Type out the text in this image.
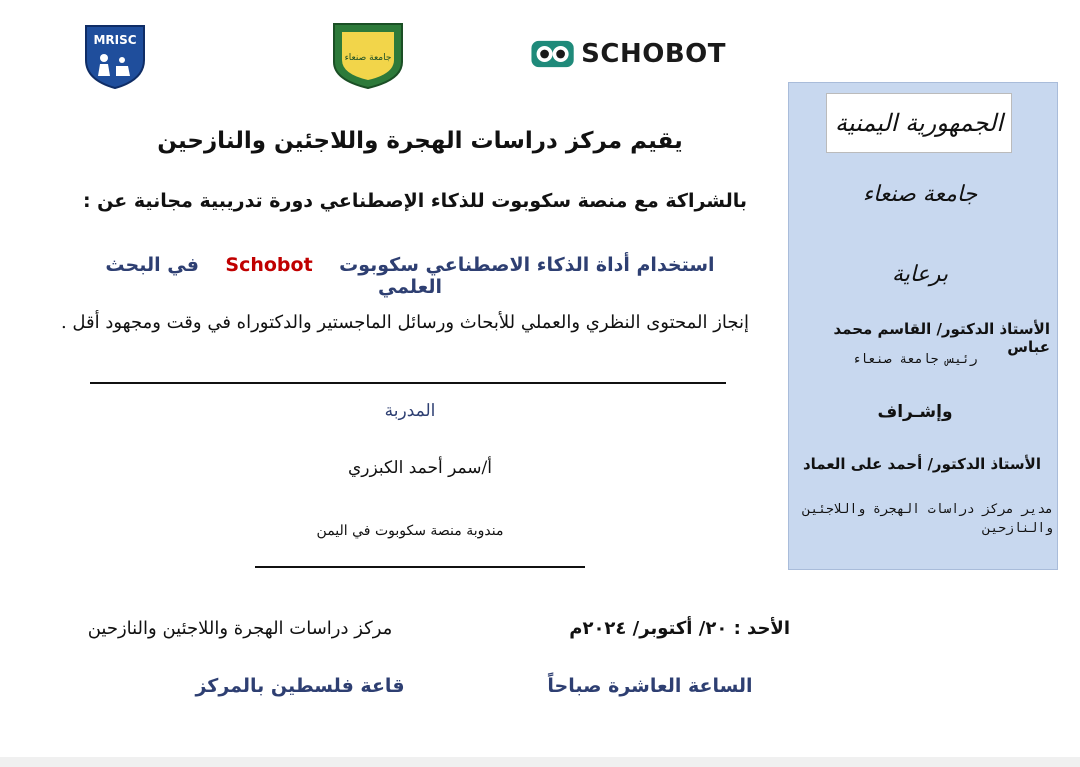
MRISC
جامعة صنعاء	SCHOBOT
يقيم مركز دراسات الهجرة واللاجئين والنازحين
بالشراكة مع منصة سكوبوت للذكاء الإصطناعي دورة تدريبية مجانية عن :
استخدام أداة الذكاء الاصطناعي سكوبوت    Schobot    في البحث العلمي
إنجاز المحتوى النظري والعملي للأبحاث ورسائل الماجستير والدكتوراه في وقت ومجهود أقل .
المدربة
أ/سمر أحمد الكبزري
مندوبة منصة سكوبوت في اليمن
الأحد : ٢٠/ أكتوبر/ ٢٠٢٤م
مركز دراسات الهجرة واللاجئين والنازحين
الساعة العاشرة صباحاً
قاعة فلسطين بالمركز
الجمهورية اليمنية
جامعة صنعاء
برعاية
الأستاذ الدكتور/ القاسم محمد عباس
رئيس جامعة صنعاء
وإشـراف
الأستاذ الدكتور/ أحمد على العماد
مدير مركز دراسات الهجرة واللاجئين والنازحين
